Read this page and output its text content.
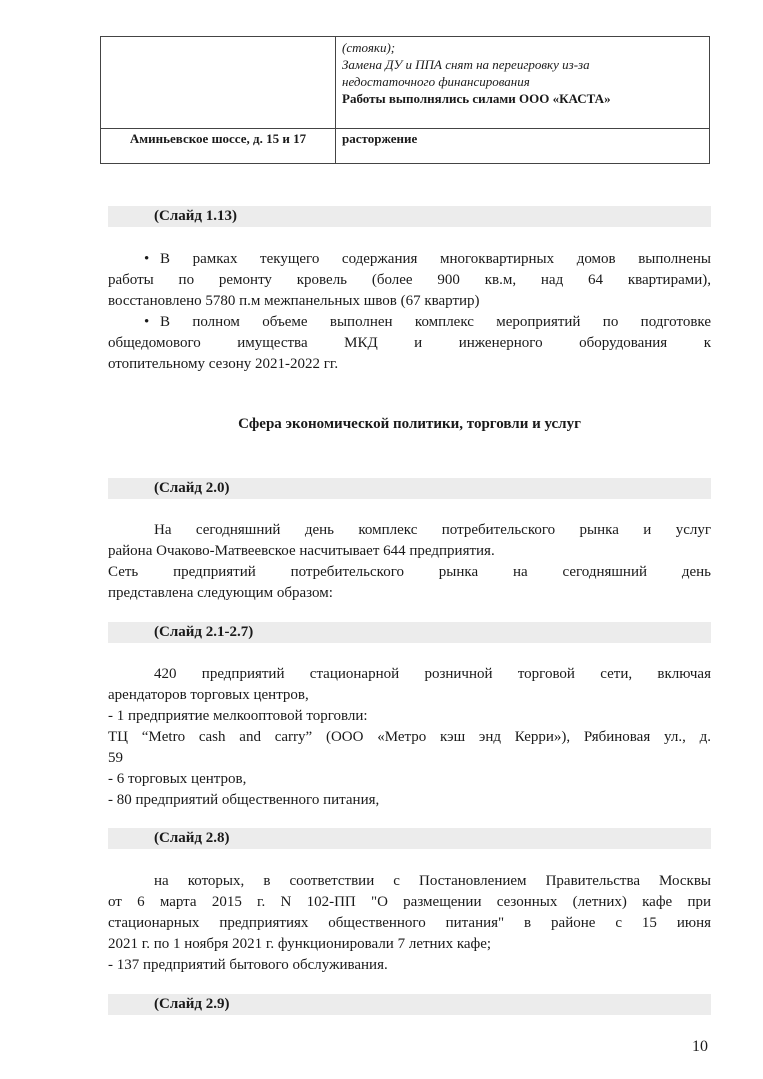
	(стояки);
Замена ДУ и ППА снят на переигровку из-за
недостаточного финансирования
Работы выполнялись силами ООО «КАСТА»

Аминьевское шоссе, д. 15 и 17	расторжение
(Слайд 1.13)
• В рамках текущего содержания многоквартирных домов выполнены
работы по ремонту кровель (более 900 кв.м, над 64 квартирами),
восстановлено 5780 п.м межпанельных швов (67 квартир)
• В полном объеме выполнен комплекс мероприятий по подготовке
общедомового имущества МКД и инженерного оборудования к
отопительному сезону 2021-2022 гг.
Сфера экономической политики, торговли и услуг
(Слайд 2.0)
На сегодняшний день комплекс потребительского рынка и услуг
района Очаково-Матвеевское насчитывает 644 предприятия.
Сеть предприятий потребительского рынка на сегодняшний день
представлена следующим образом:
(Слайд 2.1-2.7)
420 предприятий стационарной розничной торговой сети, включая
арендаторов торговых центров,
- 1 предприятие мелкооптовой торговли:
ТЦ “Metro cash and carry” (ООО «Метро кэш энд Керри»), Рябиновая ул., д.
59
- 6 торговых центров,
- 80 предприятий общественного питания,
(Слайд 2.8)
на которых, в соответствии с Постановлением Правительства Москвы
от 6 марта 2015 г. N 102-ПП "О размещении сезонных (летних) кафе при
стационарных предприятиях общественного питания" в районе с 15 июня
2021 г. по 1 ноября 2021 г. функционировали 7 летних кафе;
- 137 предприятий бытового обслуживания.
(Слайд 2.9)
10
